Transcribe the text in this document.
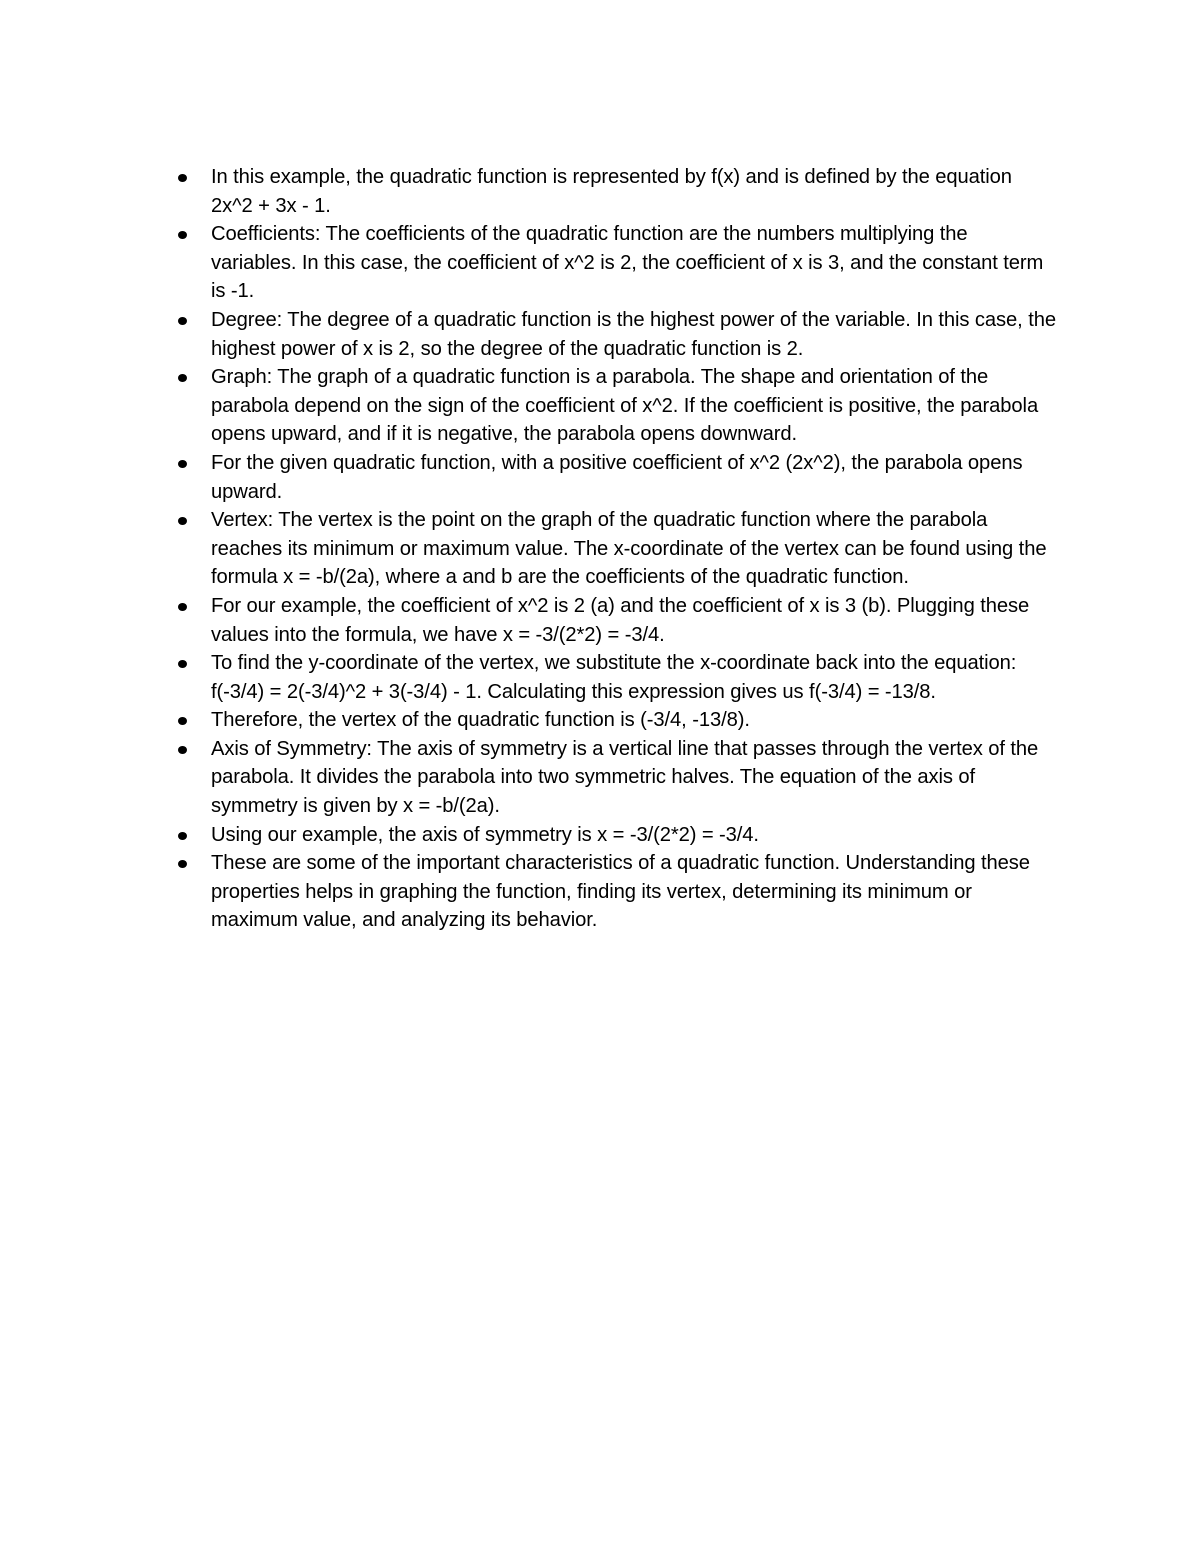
In this example, the quadratic function is represented by f(x) and is defined by the equation 2x^2 + 3x - 1.
Coefficients: The coefficients of the quadratic function are the numbers multiplying the variables. In this case, the coefficient of x^2 is 2, the coefficient of x is 3, and the constant term is -1.
Degree: The degree of a quadratic function is the highest power of the variable. In this case, the highest power of x is 2, so the degree of the quadratic function is 2.
Graph: The graph of a quadratic function is a parabola. The shape and orientation of the parabola depend on the sign of the coefficient of x^2. If the coefficient is positive, the parabola opens upward, and if it is negative, the parabola opens downward.
For the given quadratic function, with a positive coefficient of x^2 (2x^2), the parabola opens upward.
Vertex: The vertex is the point on the graph of the quadratic function where the parabola reaches its minimum or maximum value. The x-coordinate of the vertex can be found using the formula x = -b/(2a), where a and b are the coefficients of the quadratic function.
For our example, the coefficient of x^2 is 2 (a) and the coefficient of x is 3 (b). Plugging these values into the formula, we have x = -3/(2*2) = -3/4.
To find the y-coordinate of the vertex, we substitute the x-coordinate back into the equation: f(-3/4) = 2(-3/4)^2 + 3(-3/4) - 1. Calculating this expression gives us f(-3/4) = -13/8.
Therefore, the vertex of the quadratic function is (-3/4, -13/8).
Axis of Symmetry: The axis of symmetry is a vertical line that passes through the vertex of the parabola. It divides the parabola into two symmetric halves. The equation of the axis of symmetry is given by x = -b/(2a).
Using our example, the axis of symmetry is x = -3/(2*2) = -3/4.
These are some of the important characteristics of a quadratic function. Understanding these properties helps in graphing the function, finding its vertex, determining its minimum or maximum value, and analyzing its behavior.
